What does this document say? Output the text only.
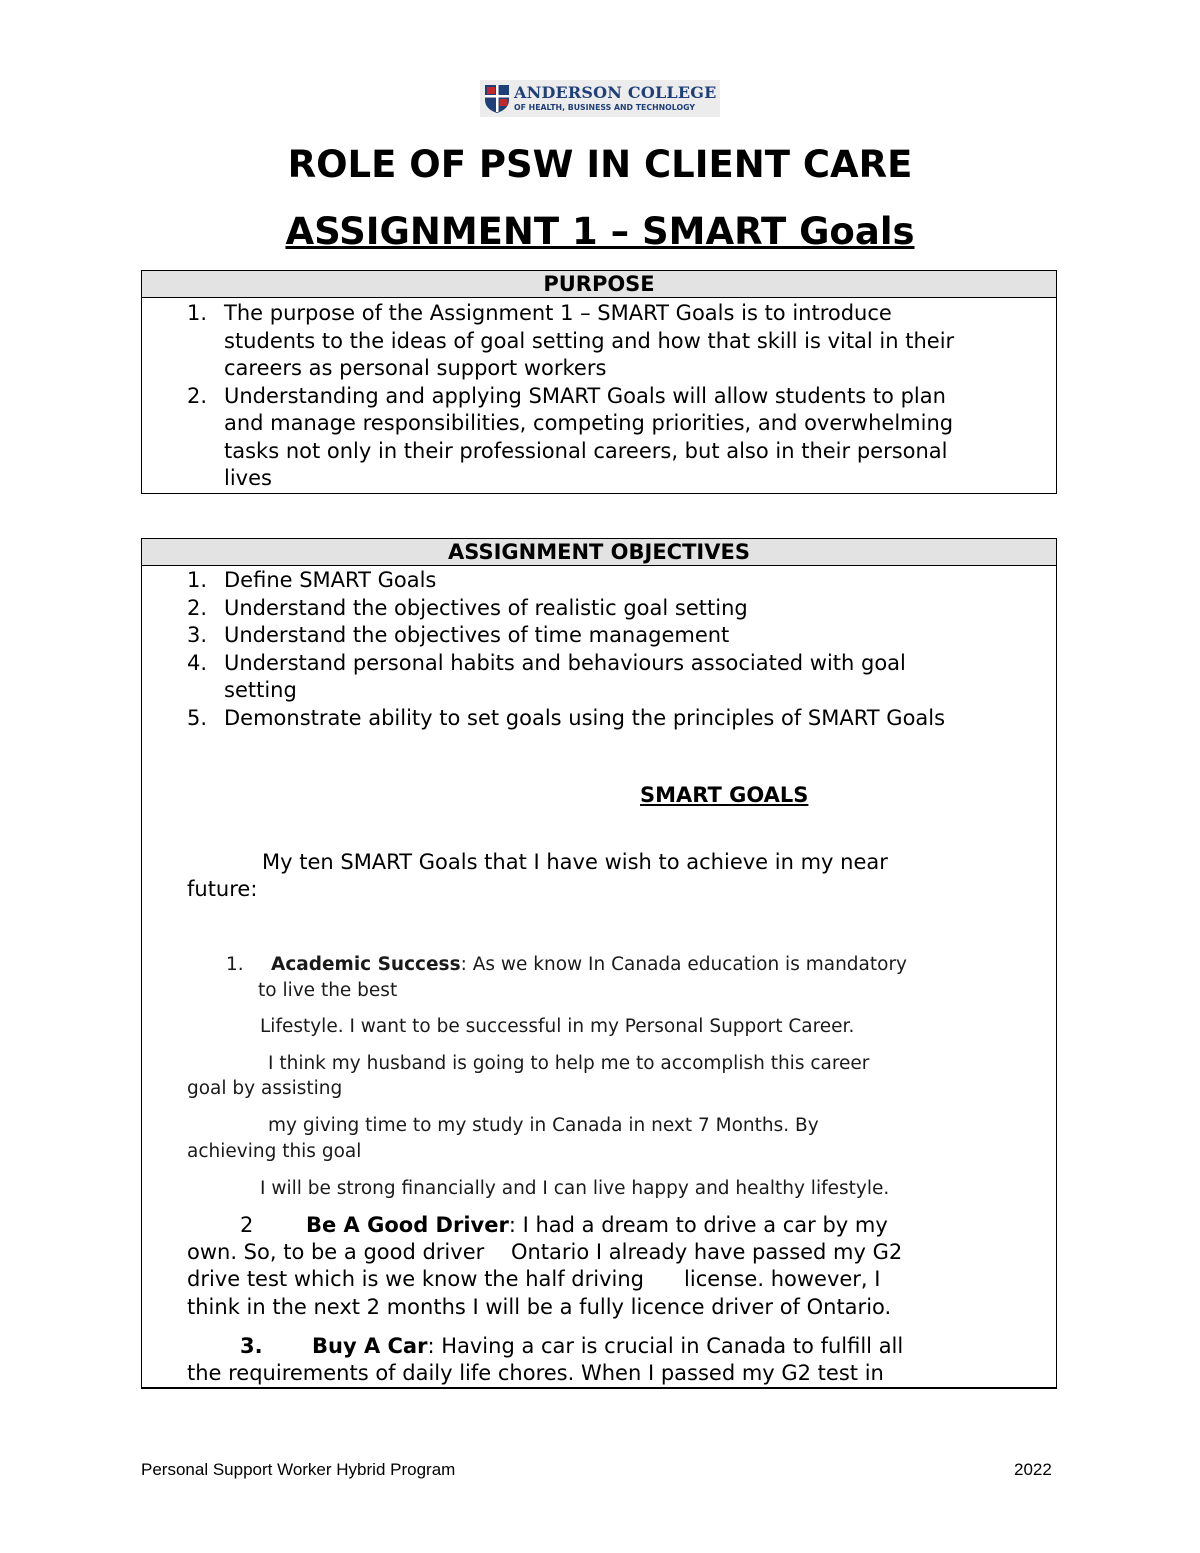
ANDERSON COLLEGE
OF HEALTH, BUSINESS AND TECHNOLOGY
ROLE OF PSW IN CLIENT CARE
ASSIGNMENT 1 – SMART Goals
PURPOSE
1. The purpose of the Assignment 1 – SMART Goals is to introduce
students to the ideas of goal setting and how that skill is vital in their
careers as personal support workers
2. Understanding and applying SMART Goals will allow students to plan
and manage responsibilities, competing priorities, and overwhelming
tasks not only in their professional careers, but also in their personal
lives
ASSIGNMENT OBJECTIVES
1. Define SMART Goals
2. Understand the objectives of realistic goal setting
3. Understand the objectives of time management
4. Understand personal habits and behaviours associated with goal
setting
5. Demonstrate ability to set goals using the principles of SMART Goals
SMART GOALS
My ten SMART Goals that I have wish to achieve in my near
future:
1. Academic Success: As we know In Canada education is mandatory
to live the best
Lifestyle. I want to be successful in my Personal Support Career.
I think my husband is going to help me to accomplish this career
goal by assisting
my giving time to my study in Canada in next 7 Months. By
achieving this goal
I will be strong financially and I can live happy and healthy lifestyle.
2	Be A Good Driver: I had a dream to drive a car by my
own. So, to be a good driver    Ontario I already have passed my G2
drive test which is we know the half driving      license. however, I
think in the next 2 months I will be a fully licence driver of Ontario.
3. Buy A Car: Having a car is crucial in Canada to fulfill all
the requirements of daily life chores. When I passed my G2 test in
Personal Support Worker Hybrid Program	2022
